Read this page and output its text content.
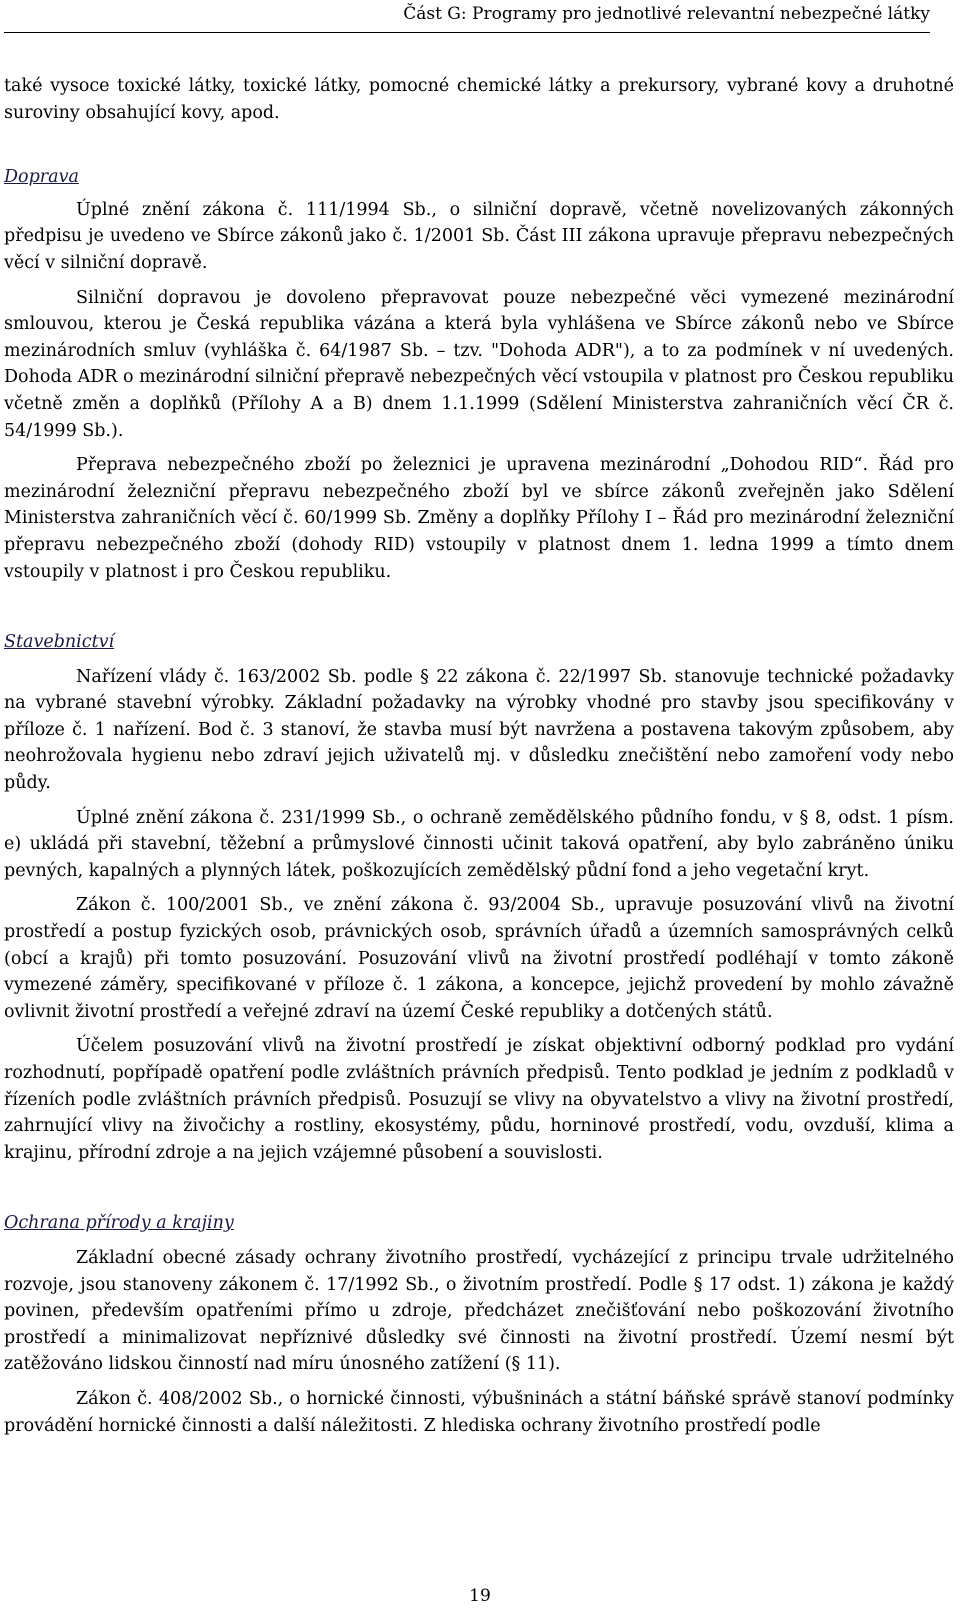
Část G: Programy pro jednotlivé relevantní nebezpečné látky

také vysoce toxické látky, toxické látky, pomocné chemické látky a prekursory, vybrané kovy a druhotné suroviny obsahující kovy, apod.

Doprava

Úplné znění zákona č. 111/1994 Sb., o silniční dopravě, včetně novelizovaných zákonných předpisu je uvedeno ve Sbírce zákonů jako č. 1/2001 Sb. Část III zákona upravuje přepravu nebezpečných věcí v silniční dopravě.

Silniční dopravou je dovoleno přepravovat pouze nebezpečné věci vymezené mezinárodní smlouvou, kterou je Česká republika vázána a která byla vyhlášena ve Sbírce zákonů nebo ve Sbírce mezinárodních smluv (vyhláška č. 64/1987 Sb. – tzv. "Dohoda ADR"), a to za podmínek v ní uvedených. Dohoda ADR o mezinárodní silniční přepravě nebezpečných věcí vstoupila v platnost pro Českou republiku včetně změn a doplňků (Přílohy A a B) dnem 1.1.1999 (Sdělení Ministerstva zahraničních věcí ČR č. 54/1999 Sb.).

Přeprava nebezpečného zboží po železnici je upravena mezinárodní „Dohodou RID“. Řád pro mezinárodní železniční přepravu nebezpečného zboží byl ve sbírce zákonů zveřejněn jako Sdělení Ministerstva zahraničních věcí č. 60/1999 Sb. Změny a doplňky Přílohy I – Řád pro mezinárodní železniční přepravu nebezpečného zboží (dohody RID) vstoupily v platnost dnem 1. ledna 1999 a tímto dnem vstoupily v platnost i pro Českou republiku.

Stavebnictví

Nařízení vlády č. 163/2002 Sb. podle § 22 zákona č. 22/1997 Sb. stanovuje technické požadavky na vybrané stavební výrobky. Základní požadavky na výrobky vhodné pro stavby jsou specifikovány v příloze č. 1 nařízení. Bod č. 3 stanoví, že stavba musí být navržena a postavena takovým způsobem, aby neohrožovala hygienu nebo zdraví jejich uživatelů mj. v důsledku znečištění nebo zamoření vody nebo půdy.

Úplné znění zákona č. 231/1999 Sb., o ochraně zemědělského půdního fondu, v § 8, odst. 1 písm. e) ukládá při stavební, těžební a průmyslové činnosti učinit taková opatření, aby bylo zabráněno úniku pevných, kapalných a plynných látek, poškozujících zemědělský půdní fond a jeho vegetační kryt.

Zákon č. 100/2001 Sb., ve znění zákona č. 93/2004 Sb., upravuje posuzování vlivů na životní prostředí a postup fyzických osob, právnických osob, správních úřadů a územních samosprávných celků (obcí a krajů) při tomto posuzování. Posuzování vlivů na životní prostředí podléhají v tomto zákoně vymezené záměry, specifikované v příloze č. 1 zákona, a koncepce, jejichž provedení by mohlo závažně ovlivnit životní prostředí a veřejné zdraví na území České republiky a dotčených států.

Účelem posuzování vlivů na životní prostředí je získat objektivní odborný podklad pro vydání rozhodnutí, popřípadě opatření podle zvláštních právních předpisů. Tento podklad je jedním z podkladů v řízeních podle zvláštních právních předpisů. Posuzují se vlivy na obyvatelstvo a vlivy na životní prostředí, zahrnující vlivy na živočichy a rostliny, ekosystémy, půdu, horninové prostředí, vodu, ovzduší, klima a krajinu, přírodní zdroje a na jejich vzájemné působení a souvislosti.

Ochrana přírody a krajiny

Základní obecné zásady ochrany životního prostředí, vycházející z principu trvale udržitelného rozvoje, jsou stanoveny zákonem č. 17/1992 Sb., o životním prostředí. Podle § 17 odst. 1) zákona je každý povinen, především opatřeními přímo u zdroje, předcházet znečišťování nebo poškozování životního prostředí a minimalizovat nepříznivé důsledky své činnosti na životní prostředí. Území nesmí být zatěžováno lidskou činností nad míru únosného zatížení (§ 11).

Zákon č. 408/2002 Sb., o hornické činnosti, výbušninách a státní báňské správě stanoví podmínky provádění hornické činnosti a další náležitosti. Z hlediska ochrany životního prostředí podle

19
